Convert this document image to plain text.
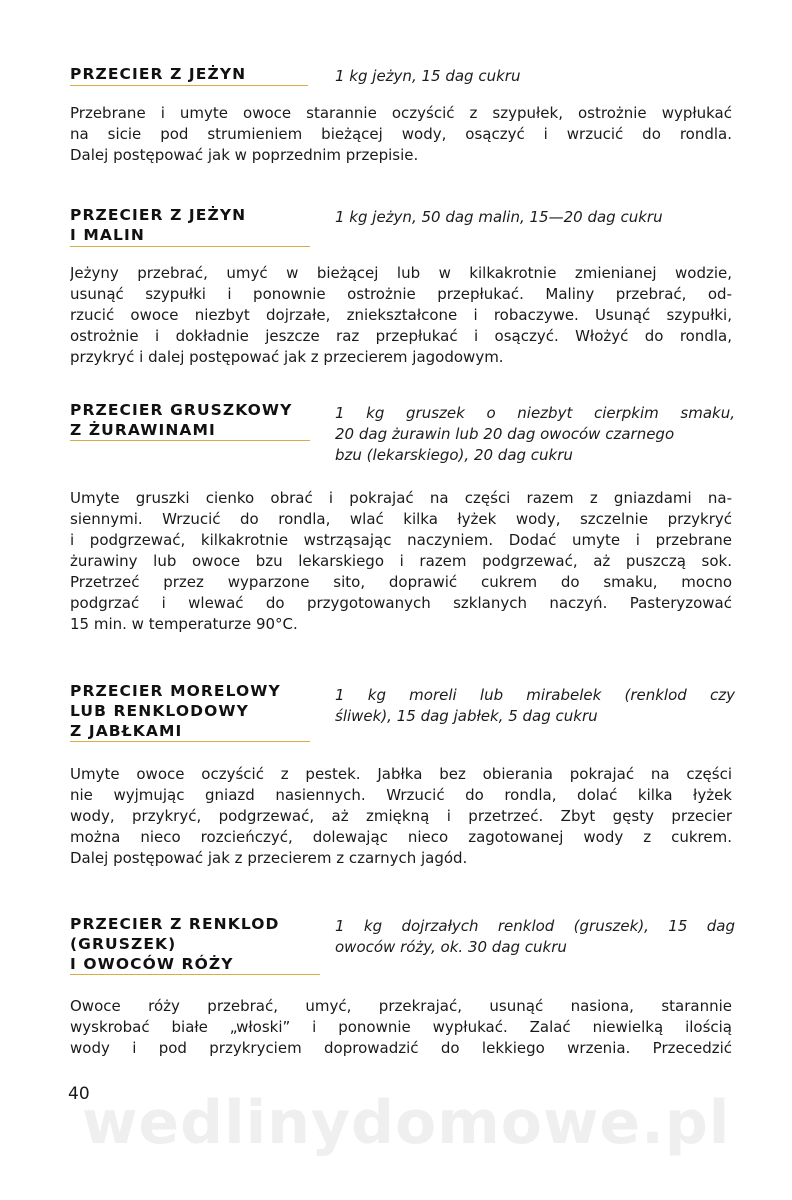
PRZECIER Z JEŻYN	1 kg jeżyn, 15 dag cukru
Przebrane i umyte owoce starannie oczyścić z szypułek, ostrożnie wypłukać
na sicie pod strumieniem bieżącej wody, osączyć i wrzucić do rondla.
Dalej postępować jak w poprzednim przepisie.
PRZECIER Z JEŻYN
I MALIN
1 kg jeżyn, 50 dag malin, 15—20 dag cukru
Jeżyny przebrać, umyć w bieżącej lub w kilkakrotnie zmienianej wodzie,
usunąć szypułki i ponownie ostrożnie przepłukać. Maliny przebrać, od-
rzucić owoce niezbyt dojrzałe, zniekształcone i robaczywe. Usunąć szypułki,
ostrożnie i dokładnie jeszcze raz przepłukać i osączyć. Włożyć do rondla,
przykryć i dalej postępować jak z przecierem jagodowym.
PRZECIER GRUSZKOWY
Z ŻURAWINAMI
1 kg gruszek o niezbyt cierpkim smaku,
20 dag żurawin lub 20 dag owoców czarnego
bzu (lekarskiego), 20 dag cukru
Umyte gruszki cienko obrać i pokrajać na części razem z gniazdami na-
siennymi. Wrzucić do rondla, wlać kilka łyżek wody, szczelnie przykryć
i podgrzewać, kilkakrotnie wstrząsając naczyniem. Dodać umyte i przebrane
żurawiny lub owoce bzu lekarskiego i razem podgrzewać, aż puszczą sok.
Przetrzeć przez wyparzone sito, doprawić cukrem do smaku, mocno
podgrzać i wlewać do przygotowanych szklanych naczyń. Pasteryzować
15 min. w temperaturze 90°C.
PRZECIER MORELOWY
LUB RENKLODOWY
Z JABŁKAMI
1 kg moreli lub mirabelek (renklod czy
śliwek), 15 dag jabłek, 5 dag cukru
Umyte owoce oczyścić z pestek. Jabłka bez obierania pokrajać na części
nie wyjmując gniazd nasiennych. Wrzucić do rondla, dolać kilka łyżek
wody, przykryć, podgrzewać, aż zmiękną i przetrzeć. Zbyt gęsty przecier
można nieco rozcieńczyć, dolewając nieco zagotowanej wody z cukrem.
Dalej postępować jak z przecierem z czarnych jagód.
PRZECIER Z RENKLOD
(GRUSZEK)
I OWOCÓW RÓŻY
1 kg dojrzałych renklod (gruszek), 15 dag
owoców róży, ok. 30 dag cukru
Owoce róży przebrać, umyć, przekrajać, usunąć nasiona, starannie
wyskrobać białe „włoski” i ponownie wypłukać. Zalać niewielką ilością
wody i pod przykryciem doprowadzić do lekkiego wrzenia. Przecedzić
wedlinydomowe.pl
40
